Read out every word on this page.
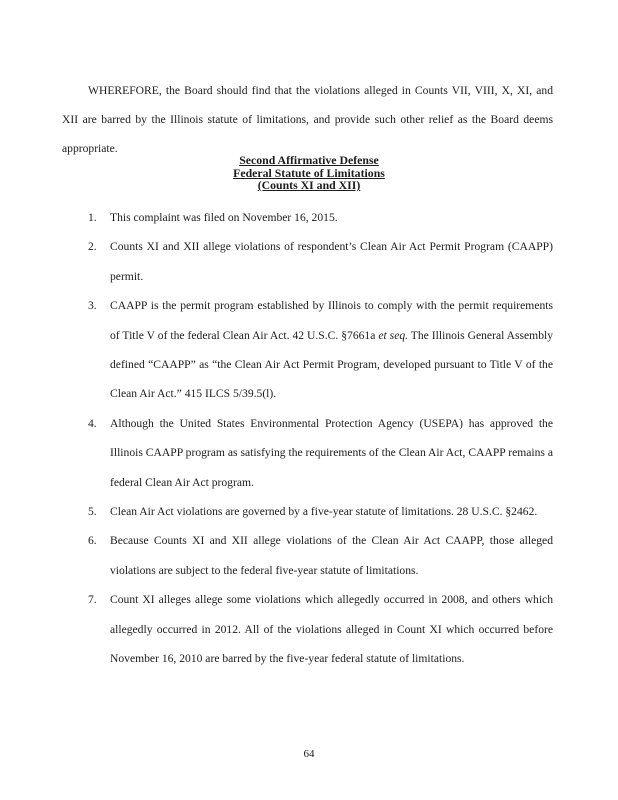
WHEREFORE, the Board should find that the violations alleged in Counts VII, VIII, X, XI, and XII are barred by the Illinois statute of limitations, and provide such other relief as the Board deems appropriate.

Second Affirmative Defense
Federal Statute of Limitations
(Counts XI and XII)
1. This complaint was filed on November 16, 2015.
2. Counts XI and XII allege violations of respondent’s Clean Air Act Permit Program (CAAPP) permit.
3. CAAPP is the permit program established by Illinois to comply with the permit requirements of Title V of the federal Clean Air Act. 42 U.S.C. §7661a et seq. The Illinois General Assembly defined “CAAPP” as “the Clean Air Act Permit Program, developed pursuant to Title V of the Clean Air Act.” 415 ILCS 5/39.5(l).
4. Although the United States Environmental Protection Agency (USEPA) has approved the Illinois CAAPP program as satisfying the requirements of the Clean Air Act, CAAPP remains a federal Clean Air Act program.
5. Clean Air Act violations are governed by a five-year statute of limitations. 28 U.S.C. §2462.
6. Because Counts XI and XII allege violations of the Clean Air Act CAAPP, those alleged violations are subject to the federal five-year statute of limitations.
7. Count XI alleges allege some violations which allegedly occurred in 2008, and others which allegedly occurred in 2012. All of the violations alleged in Count XI which occurred before November 16, 2010 are barred by the five-year federal statute of limitations.
64
